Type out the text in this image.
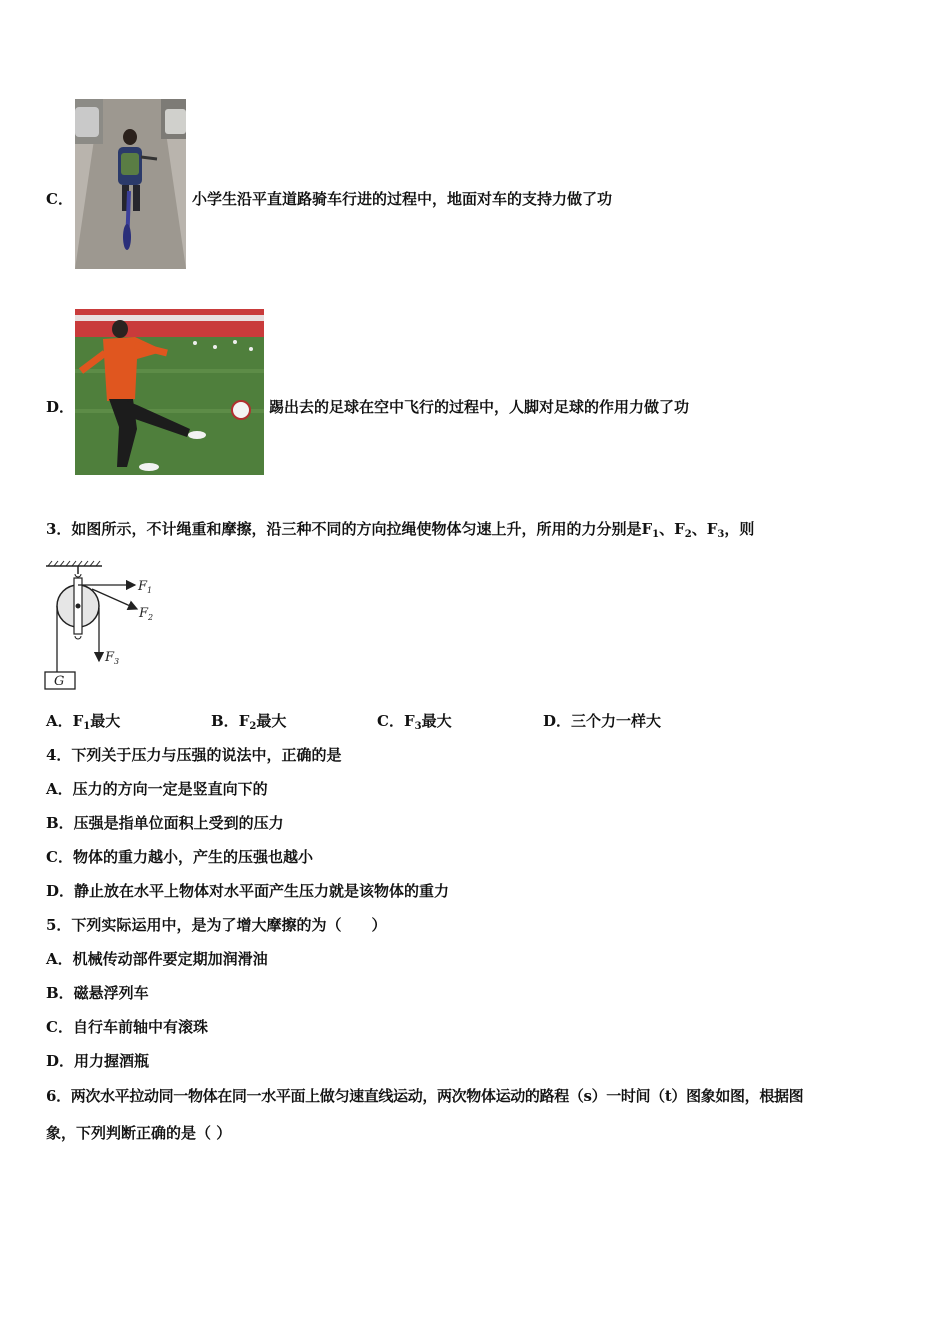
C．	小学生沿平直道路骑车行进的过程中，地面对车的支持力做了功
D．	踢出去的足球在空中飞行的过程中，人脚对足球的作用力做了功
3．如图所示，不计绳重和摩擦，沿三种不同的方向拉绳使物体匀速上升，所用的力分别是$F_1$、$F_2$、$F_3$，则
$F_1$
$F_2$
$F_3$
G
A．$F_1$最大	B．$F_2$最大	C．$F_3$最大	D．三个力一样大
4．下列关于压力与压强的说法中，正确的是
A．压力的方向一定是竖直向下的
B．压强是指单位面积上受到的压力
C．物体的重力越小，产生的压强也越小
D．静止放在水平上物体对水平面产生压力就是该物体的重力
5．下列实际运用中，是为了增大摩擦的为（　　）
A．机械传动部件要定期加润滑油
B．磁悬浮列车
C．自行车前轴中有滚珠
D．用力握酒瓶
6．两次水平拉动同一物体在同一水平面上做匀速直线运动，两次物体运动的路程（s）一时间（t）图象如图，根据图
象，下列判断正确的是（ ）
